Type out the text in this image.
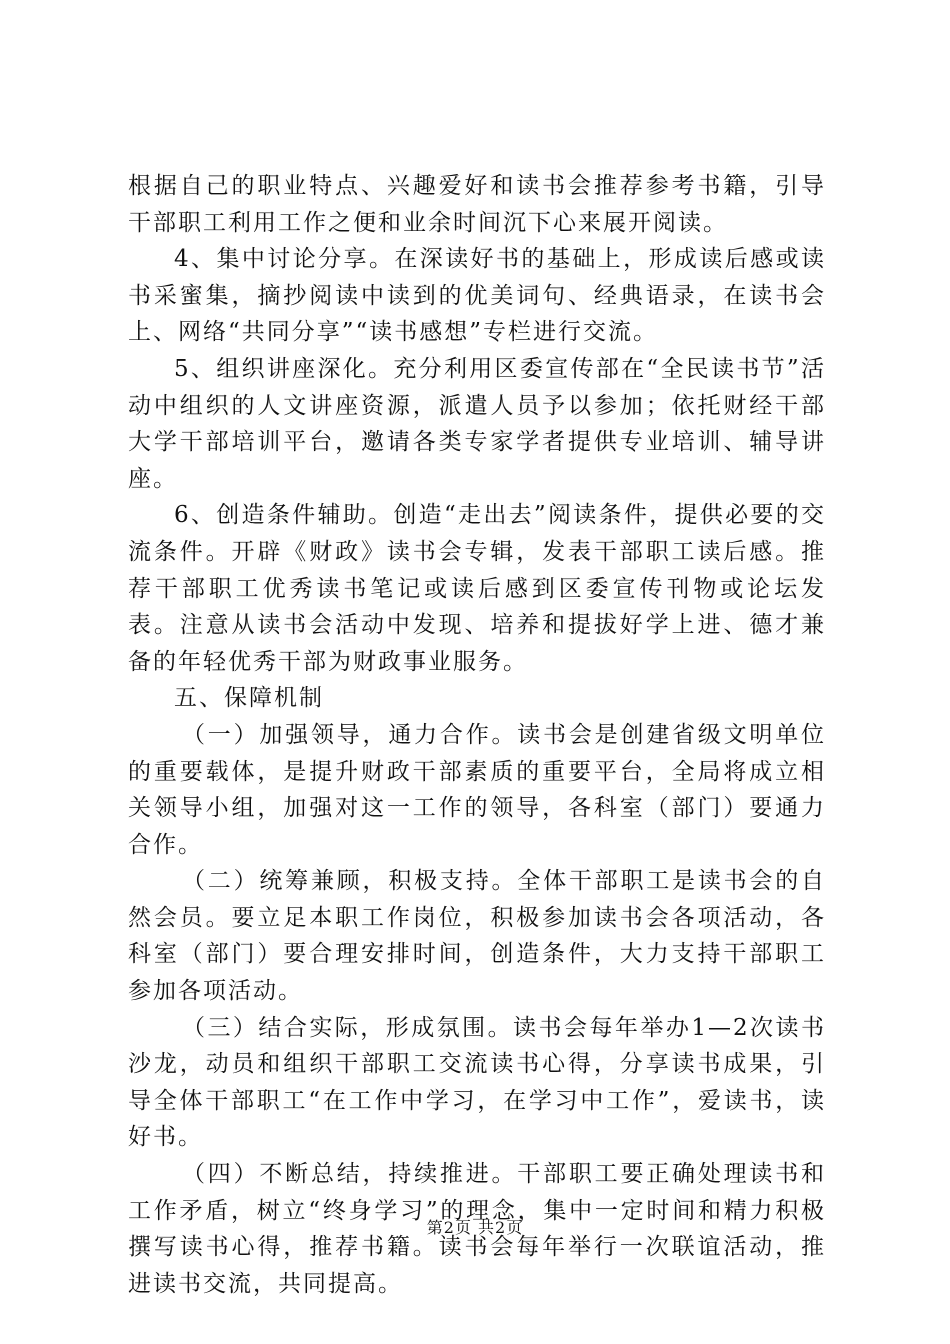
根据自己的职业特点、兴趣爱好和读书会推荐参考书籍，引导干部职工利用工作之便和业余时间沉下心来展开阅读。

4、集中讨论分享。在深读好书的基础上，形成读后感或读书采蜜集，摘抄阅读中读到的优美词句、经典语录，在读书会上、网络“共同分享”“读书感想”专栏进行交流。

5、组织讲座深化。充分利用区委宣传部在“全民读书节”活动中组织的人文讲座资源，派遣人员予以参加；依托财经干部大学干部培训平台，邀请各类专家学者提供专业培训、辅导讲座。

6、创造条件辅助。创造“走出去”阅读条件，提供必要的交流条件。开辟《财政》读书会专辑，发表干部职工读后感。推荐干部职工优秀读书笔记或读后感到区委宣传刊物或论坛发表。注意从读书会活动中发现、培养和提拔好学上进、德才兼备的年轻优秀干部为财政事业服务。

五、保障机制

（一）加强领导，通力合作。读书会是创建省级文明单位的重要载体，是提升财政干部素质的重要平台，全局将成立相关领导小组，加强对这一工作的领导，各科室（部门）要通力合作。

（二）统筹兼顾，积极支持。全体干部职工是读书会的自然会员。要立足本职工作岗位，积极参加读书会各项活动，各科室（部门）要合理安排时间，创造条件，大力支持干部职工参加各项活动。

（三）结合实际，形成氛围。读书会每年举办1—2次读书沙龙，动员和组织干部职工交流读书心得，分享读书成果，引导全体干部职工“在工作中学习，在学习中工作”，爱读书，读好书。

（四）不断总结，持续推进。干部职工要正确处理读书和工作矛盾，树立“终身学习”的理念，集中一定时间和精力积极撰写读书心得，推荐书籍。读书会每年举行一次联谊活动，推进读书交流，共同提高。

第2页 共2页
